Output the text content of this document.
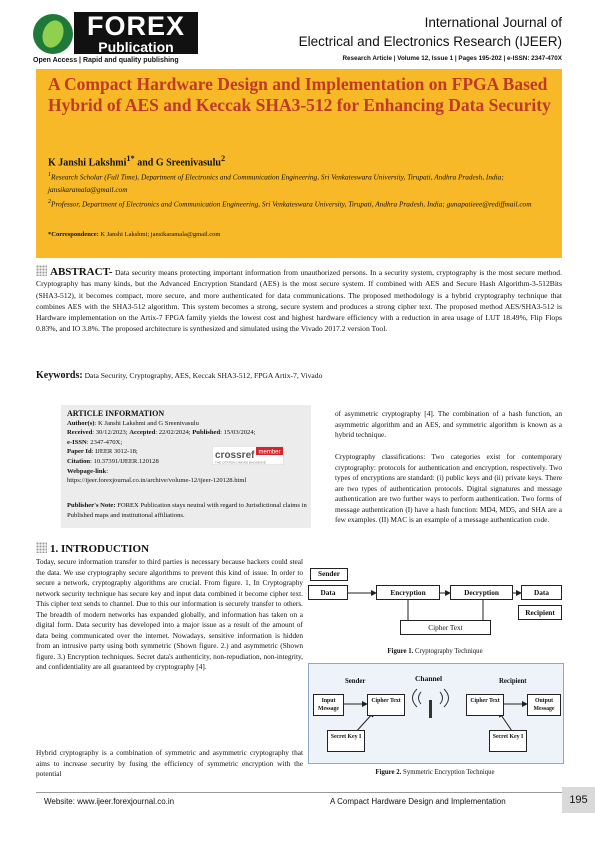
FOREX
Publication
Open Access | Rapid and quality publishing
International Journal of
Electrical and Electronics Research (IJEER)
Research Article | Volume 12, Issue 1 | Pages 195-202 | e-ISSN: 2347-470X
A Compact Hardware Design and Implementation on FPGA Based Hybrid of AES and Keccak SHA3-512 for Enhancing Data Security
K Janshi Lakshmi$^{1*}$ and G Sreenivasulu$^2$
$^1$Research Scholar (Full Time), Department of Electronics and Communication Engineering, Sri Venkateswara University, Tirupati, Andhra Pradesh, India; jansikaramala@gmail.com
$^2$Professor, Department of Electronics and Communication Engineering, Sri Venkateswara University, Tirupati, Andhra Pradesh, India; gunapatieee@rediffmail.com
*Correspondence: K Janshi Lakshmi; jansikaramala@gmail.com
ABSTRACT- Data security means protecting important information from unauthorized persons. In a security system, cryptography is the most secure method. Cryptography has many kinds, but the Advanced Encryption Standard (AES) is the most secure system. If combined with AES and Secure Hash Algorithm-3-512Bits (SHA3-512), it becomes compact, more secure, and more authenticated for data communications. The proposed methodology is a hybrid cryptography technique that combines AES with the SHA3-512 algorithm. This system becomes a strong, secure system and produces a strong cipher text. The proposed method AES/SHA3-512 is Hardware implementation on the Artix-7 FPGA family yields the lowest cost and highest hardware efficiency with a reduction in area usage of LUT 18.49%, Flip Flops 0.83%, and IO 3.8%. The proposed architecture is synthesized and simulated using the Vivado 2017.2 version Tool.
Keywords: Data Security, Cryptography, AES, Keccak SHA3-512, FPGA Artix-7, Vivado
ARTICLE INFORMATION
Author(s): K Janshi Lakshmi and G Sreenivasulu
Received: 30/12/2023; Accepted: 22/02/2024; Published: 15/03/2024;
e-ISSN: 2347-470X;
Paper Id: IJEER 3012-18;
Citation: 10.37391/IJEER.120128
Webpage-link:
https://ijeer.forexjournal.co.in/archive/volume-12/ijeer-120128.html
member
crossref
THE CITATION LINKING BACKBONE
Publisher's Note: FOREX Publication stays neutral with regard to Jurisdictional claims in Published maps and institutional affiliations.
1. INTRODUCTION
Today, secure information transfer to third parties is necessary because hackers could steal the data. We use cryptography secure algorithms to prevent this kind of issue. In order to secure a network, cryptography algorithms are crucial. From figure. 1, In Cryptography network security technique has secure key and input data combined it become cipher text. This cipher text sends to channel. Due to this our information is securely transfer to others. The breadth of modern networks has expanded globally, and information has taken on a digital form. Data security has developed into a major issue as a result of the amount of data being communicated over the internet. Nowadays, sensitive information is hidden from an intrusive party using both symmetric (Shown figure. 2.) and asymmetric (Shown figure. 3.) Encryption techniques. Secret data's authenticity, non-repudiation, non-integrity, and confidentiality are all guaranteed by cryptography [4].
Hybrid cryptography is a combination of symmetric and asymmetric cryptography that aims to increase security by fusing the efficiency of symmetric encryption with the potential
of asymmetric cryptography [4]. The combination of a hash function, an asymmetric algorithm and an AES, and symmetric algorithm is known as a hybrid technique.
Cryptography classifications: Two categories exist for contemporary cryptography: protocols for authentication and encryption, respectively. Two types of encryptions are standard: (i) public keys and (ii) private keys. There are two types of authentication protocols. Digital signatures and message authentication are two further ways to perform authentication. Two forms of message authentication (I) have a hash function: MD4, MD5, and SHA are a few examples. (II) MAC is an example of a message authentication code.
Sender
Data	Encryption	Decryption	Data
Recipient
Cipher Text
Figure 1. Cryptography Technique
Sender	Channel	Recipient
Input Message
Cipher Text	Cipher Text	Output Message
Secret Key I	Secret Key I
Figure 2. Symmetric Encryption Technique
Website: www.ijeer.forexjournal.co.in	A Compact Hardware Design and Implementation	195
